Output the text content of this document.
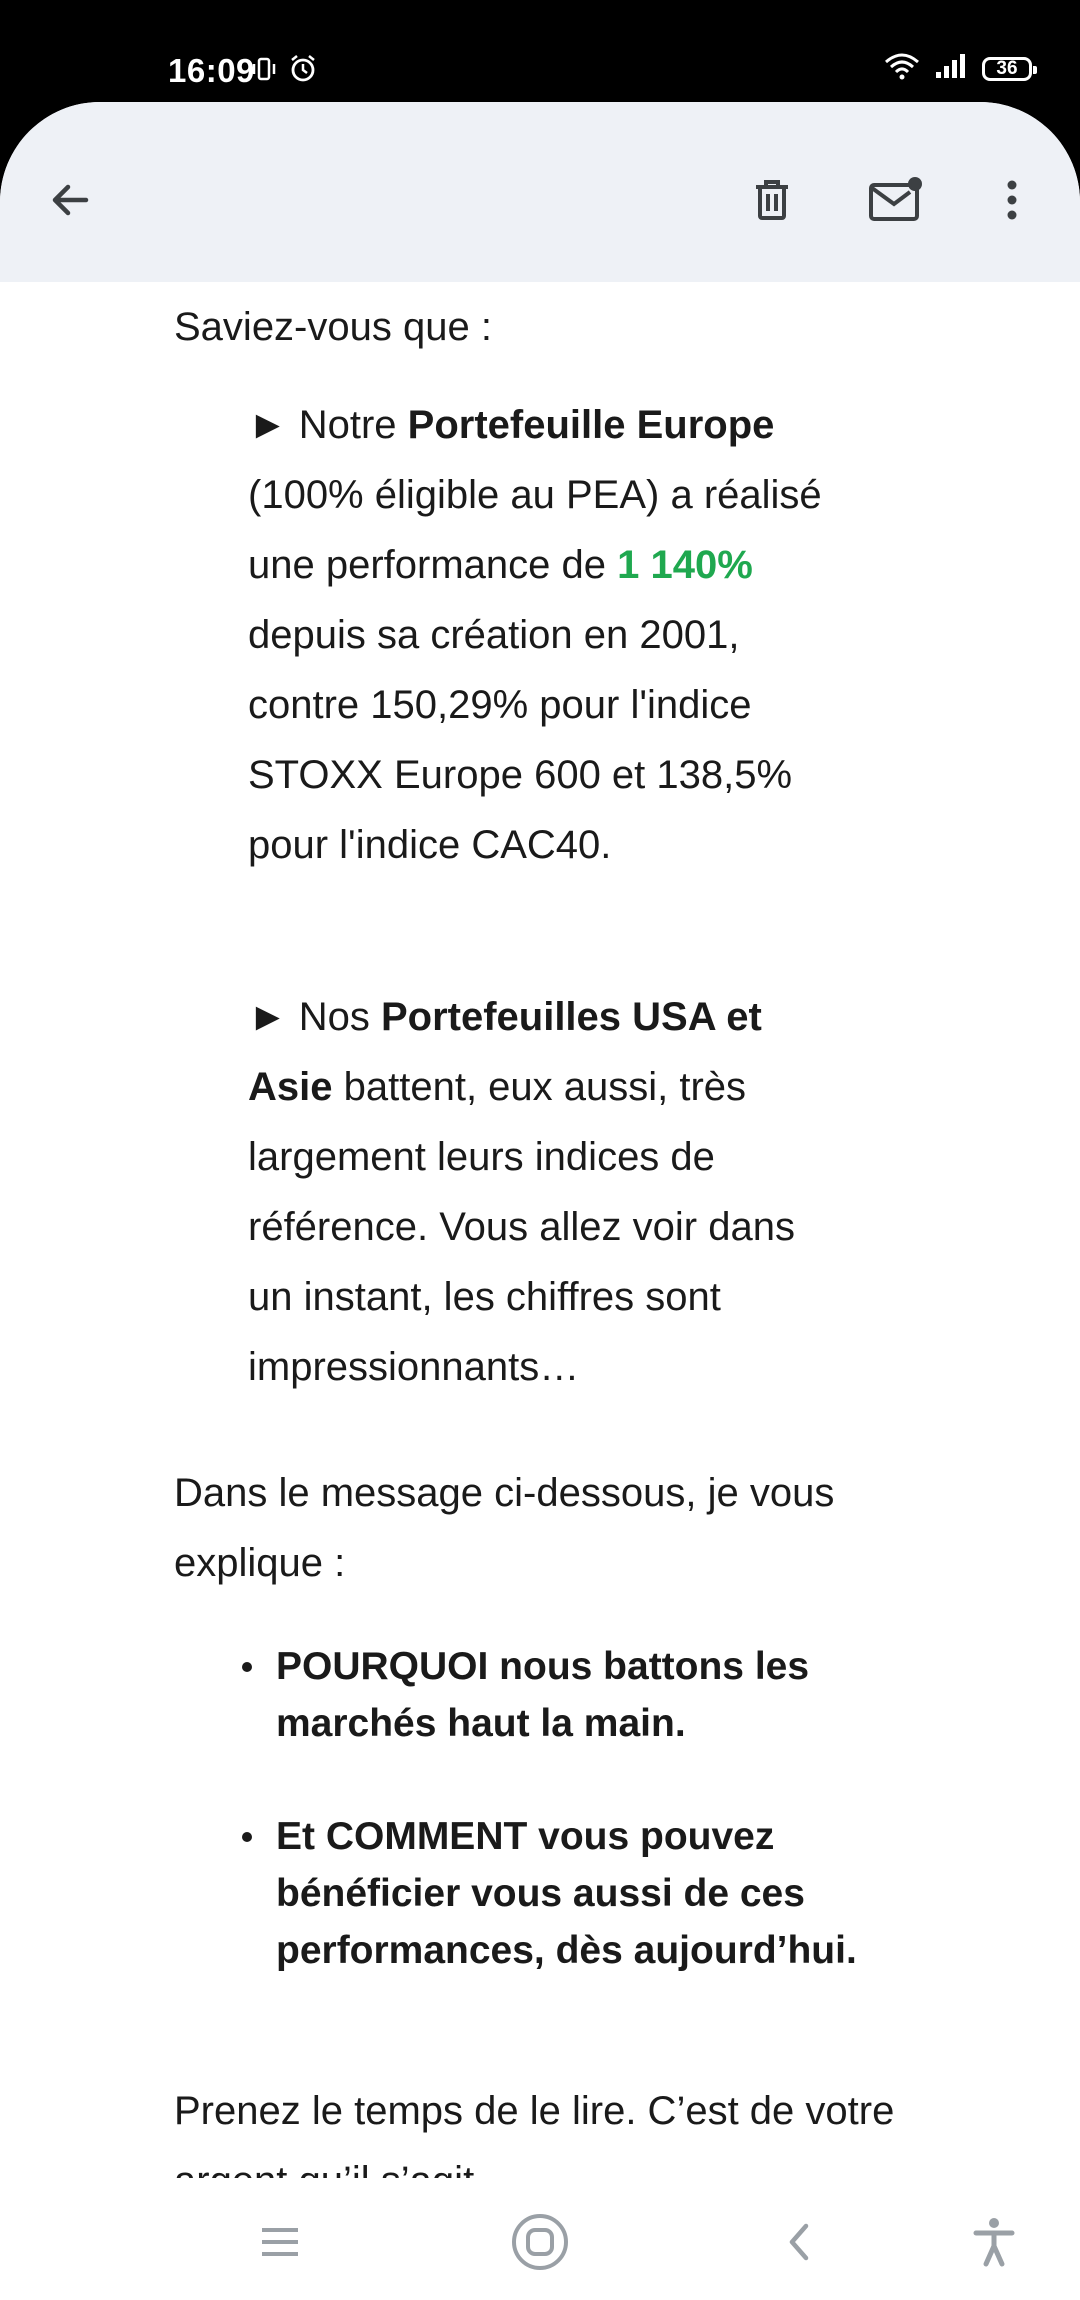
16:09	36
Saviez-vous que :
► Notre Portefeuille Europe (100% éligible au PEA) a réalisé une performance de 1 140% depuis sa création en 2001, contre 150,29% pour l'indice STOXX Europe 600 et 138,5% pour l'indice CAC40.
► Nos Portefeuilles USA et Asie battent, eux aussi, très largement leurs indices de référence. Vous allez voir dans un instant, les chiffres sont impressionnants…
Dans le message ci-dessous, je vous explique :
POURQUOI nous battons les marchés haut la main.
Et COMMENT vous pouvez bénéficier vous aussi de ces performances, dès aujourd’hui.
Prenez le temps de le lire. C’est de votre
